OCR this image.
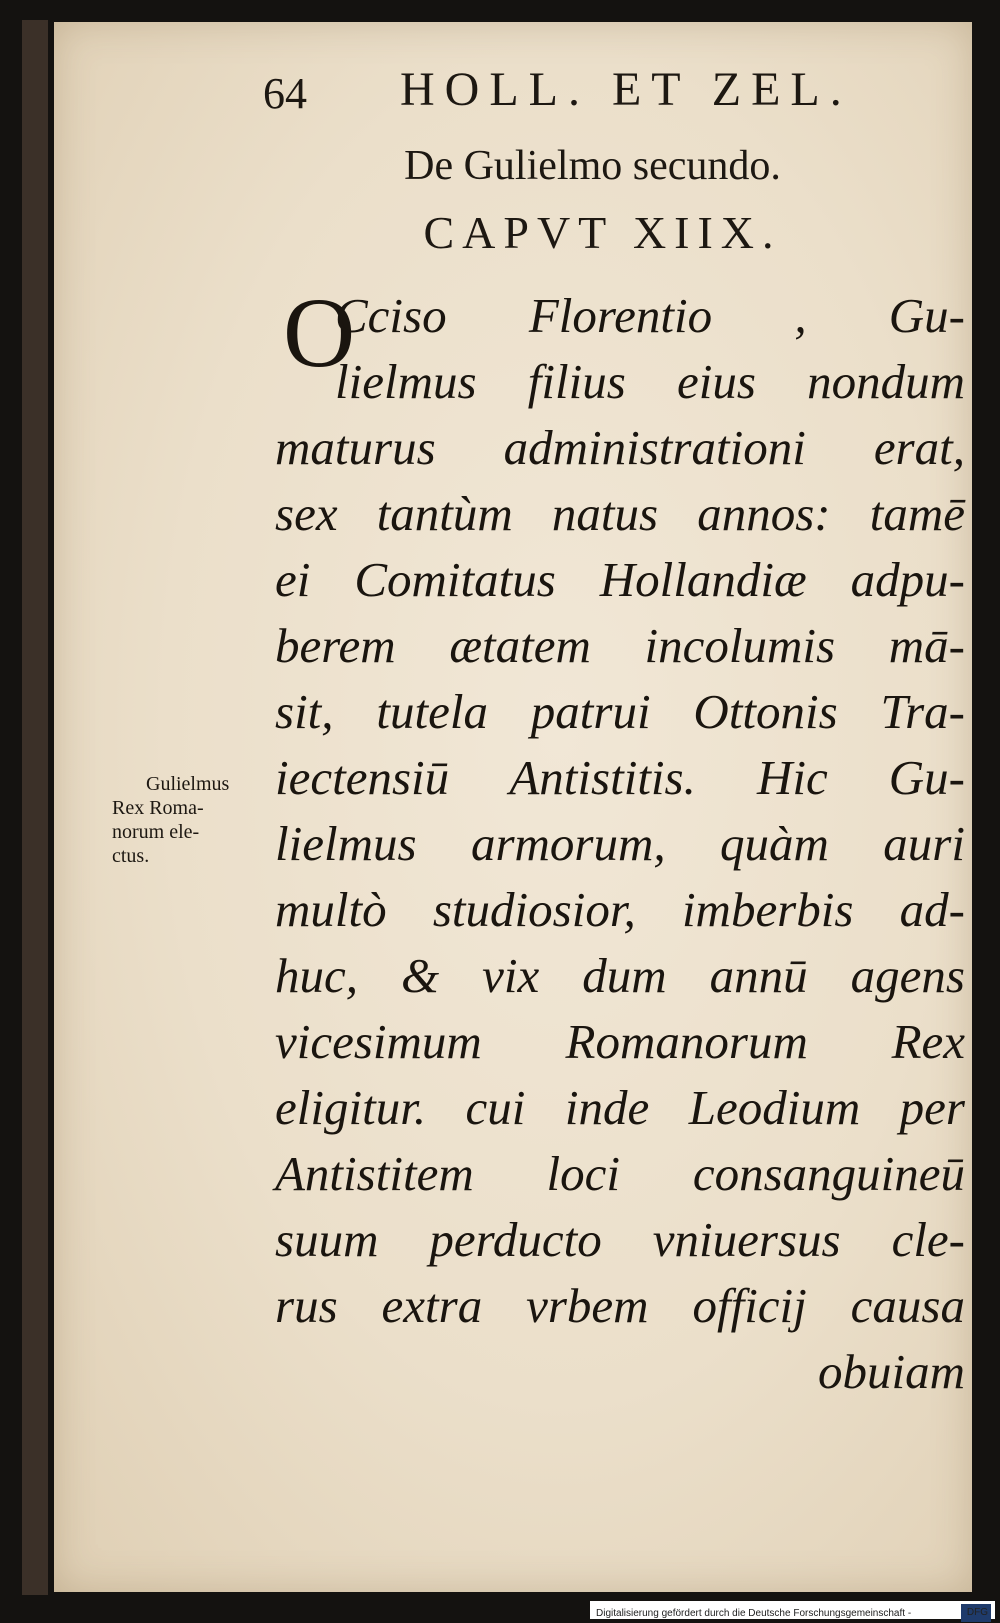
64 HOLL. ET ZEL.
De Gulielmo secundo.
CAPVT XIIX.
O
Ccisо Florentio , Gu-
lielmus filius eius nondum
maturus administrationi erat,
sex tantùm natus annos: tamē
ei Comitatus Hollandiæ adpu-
berem ætatem incolumis mā-
sit, tutela patrui Ottonis Tra-
iectensiū Antistitis. Hic Gu-
lielmus armorum, quàm auri
multò studiosior, imberbis ad-
huc, & vix dum annū agens
vicesimum Romanorum Rex
eligitur. cui inde Leodium per
Antistitem loci consanguineū
suum perducto vniuersus cle-
rus extra vrbem officij causa
obuiam
Gulielmus
Rex Roma-
norum ele-
ctus.
Digitalisierung gefördert durch die Deutsche Forschungsgemeinschaft -	DFG
